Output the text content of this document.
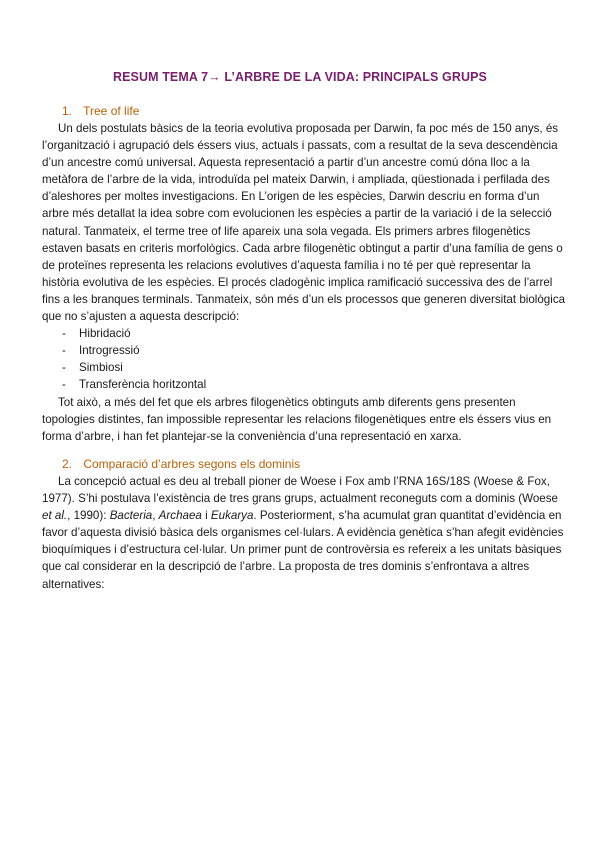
RESUM TEMA 7→ L’ARBRE DE LA VIDA: PRINCIPALS GRUPS
1. Tree of life

Un dels postulats bàsics de la teoria evolutiva proposada per Darwin, fa poc més de 150 anys, és l’organització i agrupació dels éssers vius, actuals i passats, com a resultat de la seva descendència d’un ancestre comú universal. Aquesta representació a partir d’un ancestre comú dóna lloc a la metàfora de l’arbre de la vida, introduïda pel mateix Darwin, i ampliada, qüestionada i perfilada des d’aleshores per moltes investigacions. En L’origen de les espècies, Darwin descriu en forma d’un arbre més detallat la idea sobre com evolucionen les espècies a partir de la variació i de la selecció natural. Tanmateix, el terme tree of life apareix una sola vegada. Els primers arbres filogenètics estaven basats en criteris morfològics. Cada arbre filogenètic obtingut a partir d’una família de gens o de proteïnes representa les relacions evolutives d’aquesta família i no té per què representar la història evolutiva de les espècies. El procés cladogènic implica ramificació successiva des de l’arrel fins a les branques terminals. Tanmateix, són més d’un els processos que generen diversitat biològica que no s’ajusten a aquesta descripció:

- Hibridació
- Introgressió
- Simbiosi
- Transferència horitzontal

Tot això, a més del fet que els arbres filogenètics obtinguts amb diferents gens presenten topologies distintes, fan impossible representar les relacions filogenètiques entre els éssers vius en forma d’arbre, i han fet plantejar-se la conveniència d’una representació en xarxa.

2. Comparació d’arbres segons els dominis

La concepció actual es deu al treball pioner de Woese i Fox amb l’RNA 16S/18S (Woese & Fox, 1977). S’hi postulava l’existència de tres grans grups, actualment reconeguts com a dominis (Woese et al., 1990): Bacteria, Archaea i Eukarya. Posteriorment, s’ha acumulat gran quantitat d’evidència en favor d’aquesta divisió bàsica dels organismes cel·lulars. A evidència genètica s’han afegit evidències bioquímiques i d’estructura cel·lular. Un primer punt de controvèrsia es refereix a les unitats bàsiques que cal considerar en la descripció de l’arbre. La proposta de tres dominis s’enfrontava a altres alternatives:
